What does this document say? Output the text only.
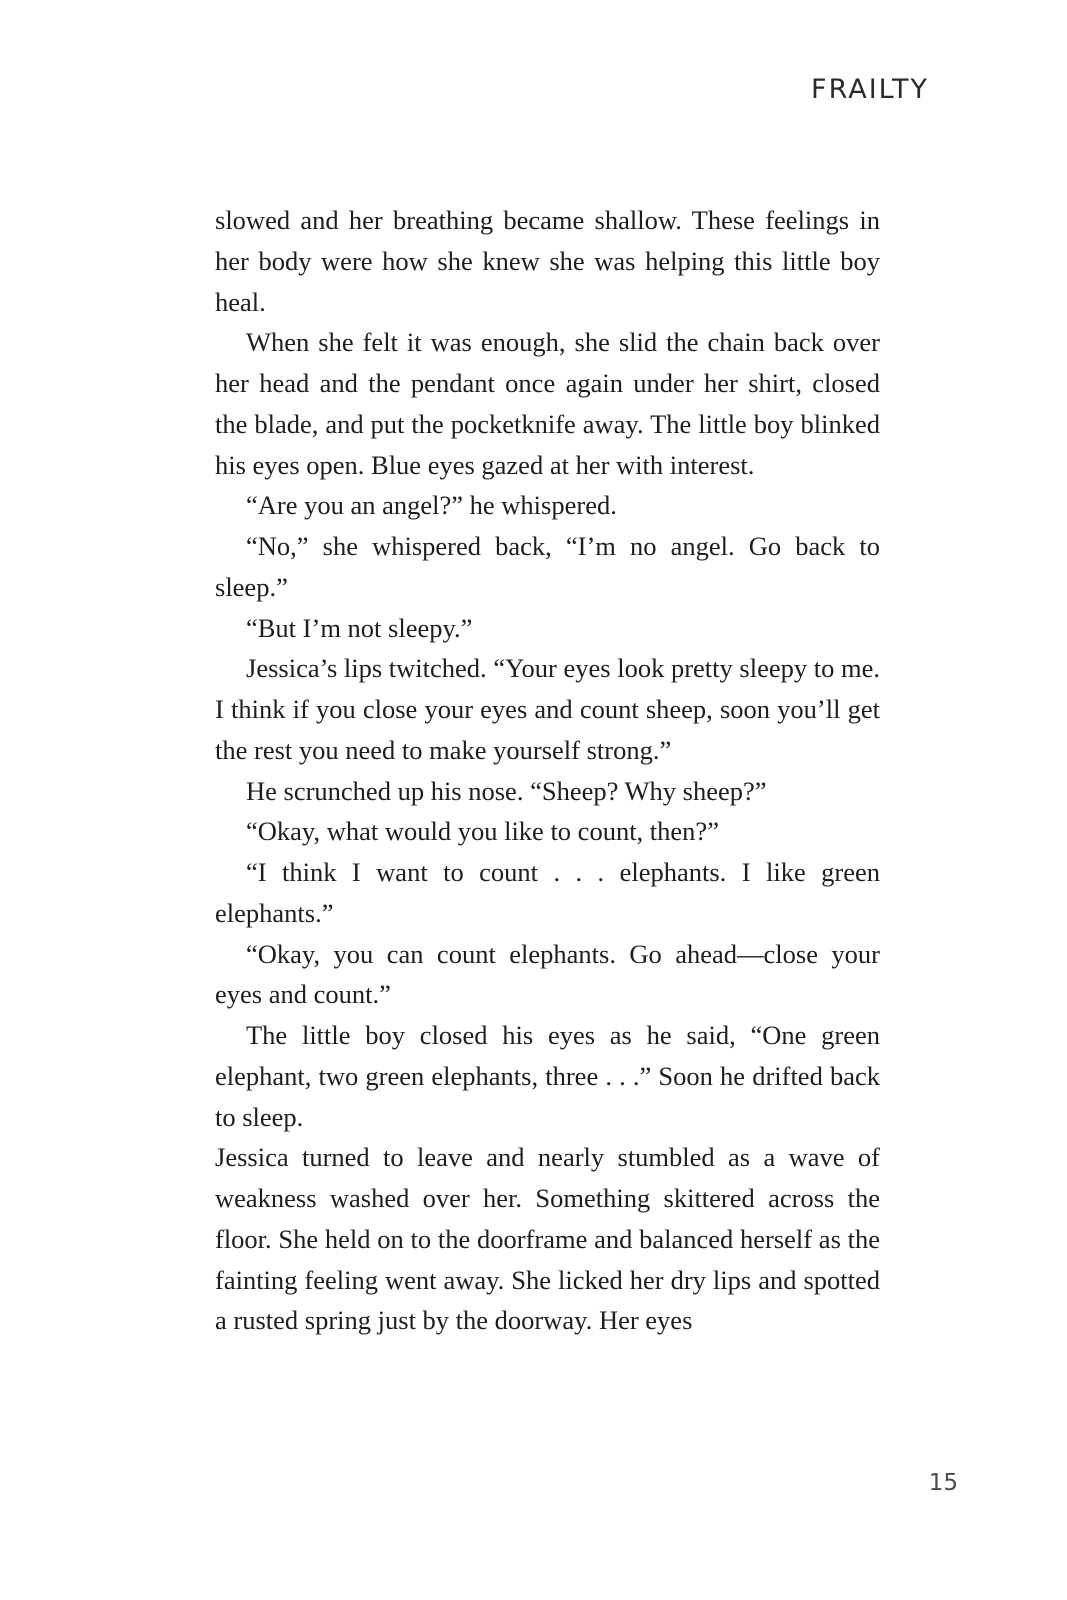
FRAILTY

slowed and her breathing became shallow. These feelings in her body were how she knew she was helping this little boy heal.

When she felt it was enough, she slid the chain back over her head and the pendant once again under her shirt, closed the blade, and put the pocketknife away. The little boy blinked his eyes open. Blue eyes gazed at her with interest.

“Are you an angel?” he whispered.

“No,” she whispered back, “I’m no angel. Go back to sleep.”

“But I’m not sleepy.”

Jessica’s lips twitched. “Your eyes look pretty sleepy to me. I think if you close your eyes and count sheep, soon you’ll get the rest you need to make yourself strong.”

He scrunched up his nose. “Sheep? Why sheep?”

“Okay, what would you like to count, then?”

“I think I want to count . . . elephants. I like green elephants.”

“Okay, you can count elephants. Go ahead—close your eyes and count.”

The little boy closed his eyes as he said, “One green elephant, two green elephants, three . . .” Soon he drifted back to sleep.

Jessica turned to leave and nearly stumbled as a wave of weakness washed over her. Something skittered across the floor. She held on to the doorframe and balanced herself as the fainting feeling went away. She licked her dry lips and spotted a rusted spring just by the doorway. Her eyes

15
